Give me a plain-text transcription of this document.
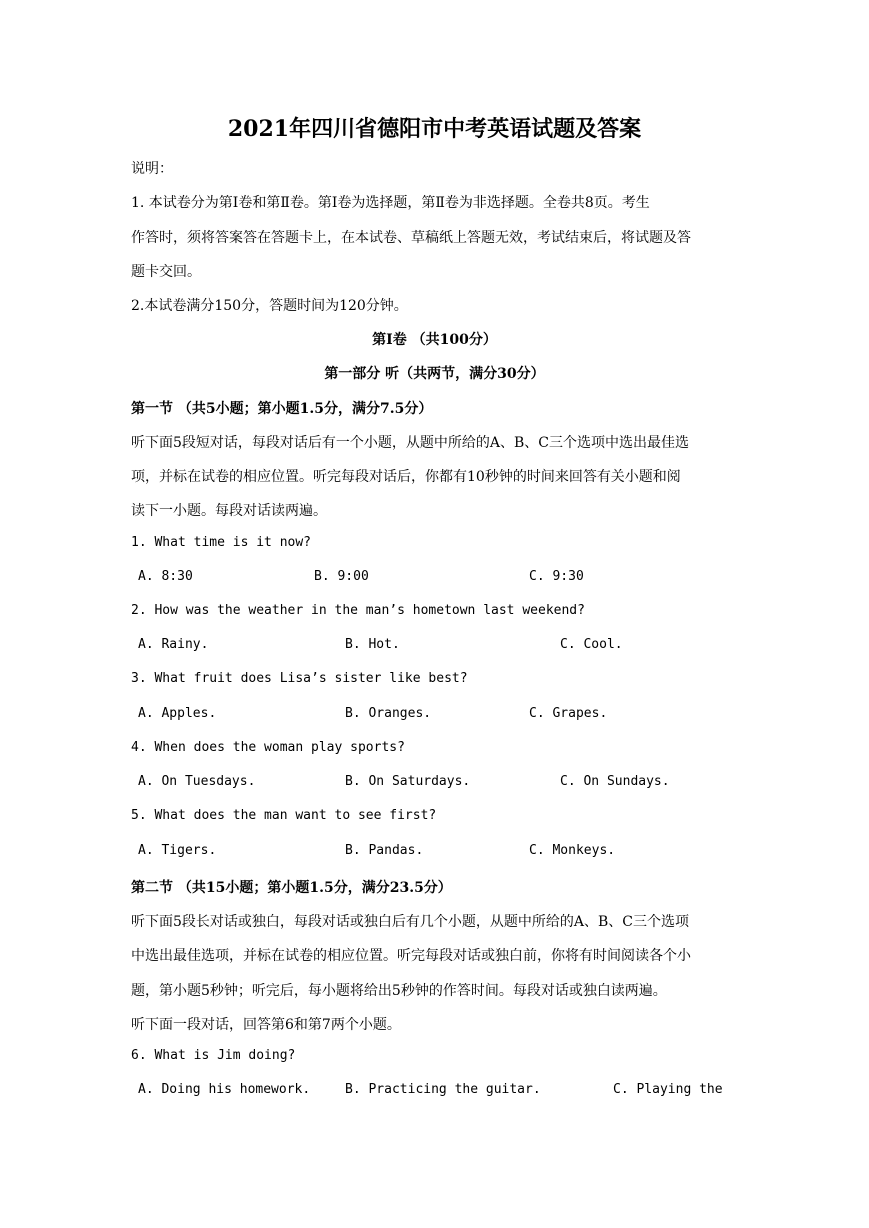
2021年四川省德阳市中考英语试题及答案
说明：
1. 本试卷分为第Ⅰ卷和第Ⅱ卷。第Ⅰ卷为选择题，第Ⅱ卷为非选择题。全卷共8页。考生
作答时，须将答案答在答题卡上，在本试卷、草稿纸上答题无效，考试结束后，将试题及答
题卡交回。
2.本试卷满分150分，答题时间为120分钟。
第Ⅰ卷 （共100分）
第一部分 听（共两节，满分30分）
第一节 （共5小题；第小题1.5分，满分7.5分）
听下面5段短对话，每段对话后有一个小题，从题中所给的A、B、C三个选项中选出最佳选
项，并标在试卷的相应位置。听完每段对话后，你都有10秒钟的时间来回答有关小题和阅
读下一小题。每段对话读两遍。
1. What time is it now?
A. 8:30	B. 9:00	C. 9:30
2. How was the weather in the man’s hometown last weekend?
A. Rainy.	B. Hot.	C. Cool.
3. What fruit does Lisa’s sister like best?
A. Apples.	B. Oranges.	C. Grapes.
4. When does the woman play sports?
A. On Tuesdays.	B. On Saturdays.	C. On Sundays.
5. What does the man want to see first?
A. Tigers.	B. Pandas.	C. Monkeys.
第二节 （共15小题；第小题1.5分，满分23.5分）
听下面5段长对话或独白，每段对话或独白后有几个小题，从题中所给的A、B、C三个选项
中选出最佳选项，并标在试卷的相应位置。听完每段对话或独白前，你将有时间阅读各个小
题，第小题5秒钟；听完后，每小题将给出5秒钟的作答时间。每段对话或独白读两遍。
听下面一段对话，回答第6和第7两个小题。
6. What is Jim doing?
A. Doing his homework.	B. Practicing the guitar.	C. Playing the
